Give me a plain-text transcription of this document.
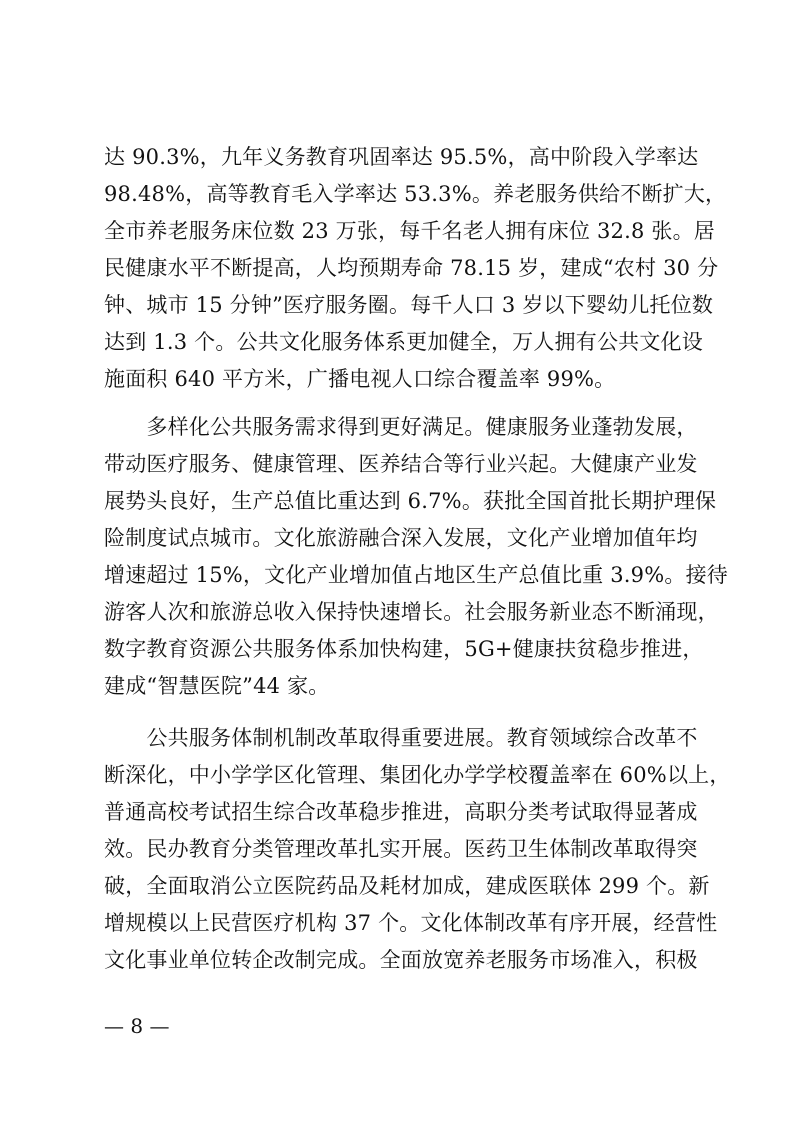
达 90.3%，九年义务教育巩固率达 95.5%，高中阶段入学率达
98.48%，高等教育毛入学率达 53.3%。养老服务供给不断扩大，
全市养老服务床位数 23 万张，每千名老人拥有床位 32.8 张。居
民健康水平不断提高，人均预期寿命 78.15 岁，建成“农村 30 分
钟、城市 15 分钟”医疗服务圈。每千人口 3 岁以下婴幼儿托位数
达到 1.3 个。公共文化服务体系更加健全，万人拥有公共文化设
施面积 640 平方米，广播电视人口综合覆盖率 99%。
　　多样化公共服务需求得到更好满足。健康服务业蓬勃发展，
带动医疗服务、健康管理、医养结合等行业兴起。大健康产业发
展势头良好，生产总值比重达到 6.7%。获批全国首批长期护理保
险制度试点城市。文化旅游融合深入发展，文化产业增加值年均
增速超过 15%，文化产业增加值占地区生产总值比重 3.9%。接待
游客人次和旅游总收入保持快速增长。社会服务新业态不断涌现，
数字教育资源公共服务体系加快构建，5G+健康扶贫稳步推进，
建成“智慧医院”44 家。
　　公共服务体制机制改革取得重要进展。教育领域综合改革不
断深化，中小学学区化管理、集团化办学学校覆盖率在 60%以上，
普通高校考试招生综合改革稳步推进，高职分类考试取得显著成
效。民办教育分类管理改革扎实开展。医药卫生体制改革取得突
破，全面取消公立医院药品及耗材加成，建成医联体 299 个。新
增规模以上民营医疗机构 37 个。文化体制改革有序开展，经营性
文化事业单位转企改制完成。全面放宽养老服务市场准入，积极
— 8 —
